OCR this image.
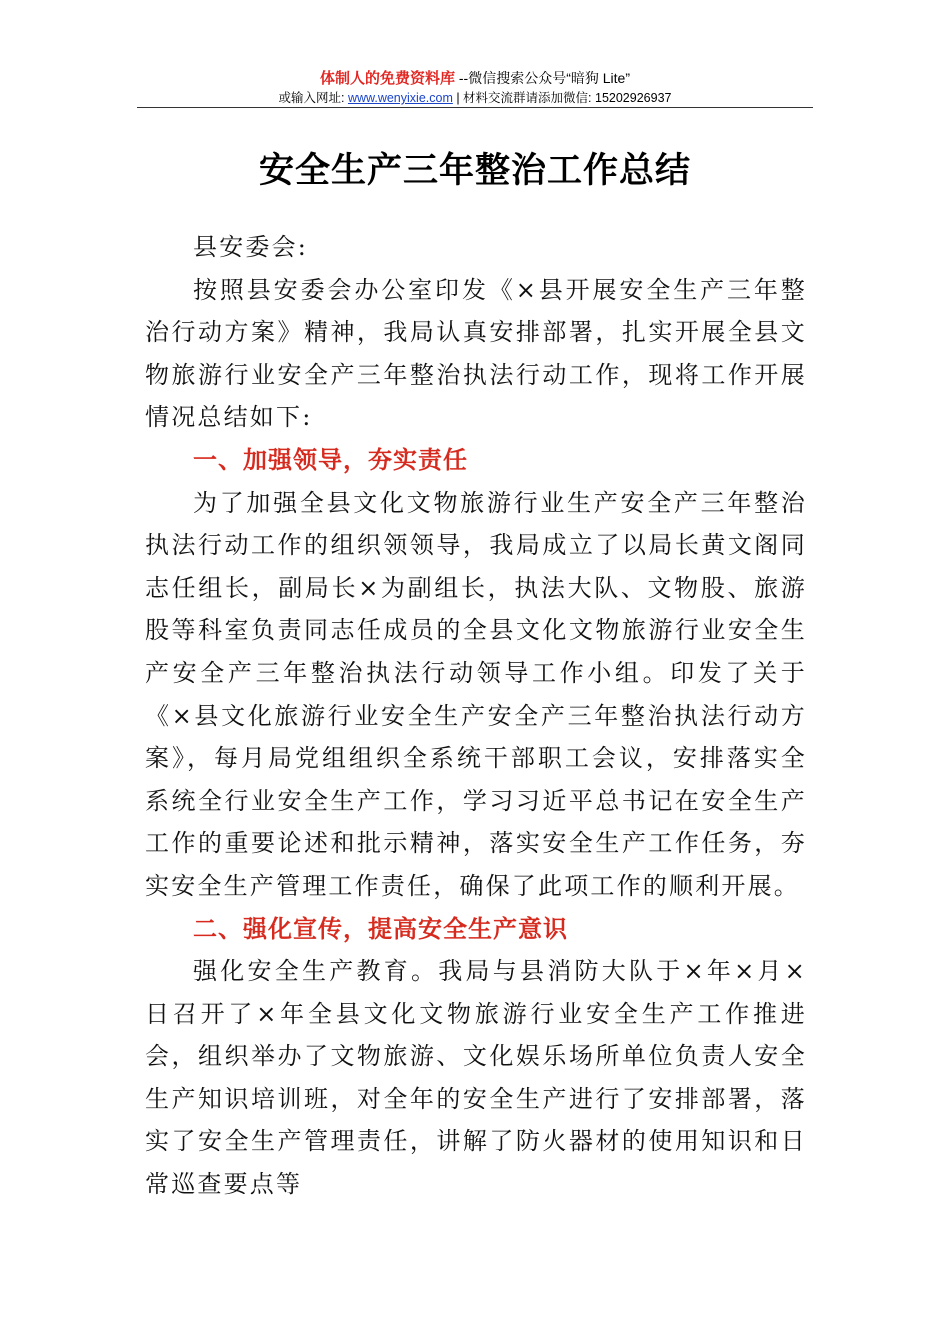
体制人的免费资料库 --微信搜索公众号“暗狗 Lite”
或输入网址: www.wenyixie.com | 材料交流群请添加微信: 15202926937
安全生产三年整治工作总结

县安委会:

按照县安委会办公室印发《×县开展安全生产三年整治行动方案》精神，我局认真安排部署，扎实开展全县文物旅游行业安全产三年整治执法行动工作，现将工作开展情况总结如下:

一、加强领导，夯实责任

为了加强全县文化文物旅游行业生产安全产三年整治执法行动工作的组织领领导，我局成立了以局长黄文阁同志任组长，副局长×为副组长，执法大队、文物股、旅游股等科室负责同志任成员的全县文化文物旅游行业安全生产安全产三年整治执法行动领导工作小组。印发了关于《×县文化旅游行业安全生产安全产三年整治执法行动方案》，每月局党组组织全系统干部职工会议，安排落实全系统全行业安全生产工作，学习习近平总书记在安全生产工作的重要论述和批示精神，落实安全生产工作任务，夯实安全生产管理工作责任，确保了此项工作的顺利开展。

二、强化宣传，提高安全生产意识

强化安全生产教育。我局与县消防大队于×年×月×日召开了×年全县文化文物旅游行业安全生产工作推进会，组织举办了文物旅游、文化娱乐场所单位负责人安全生产知识培训班，对全年的安全生产进行了安排部署，落实了安全生产管理责任，讲解了防火器材的使用知识和日常巡查要点等
